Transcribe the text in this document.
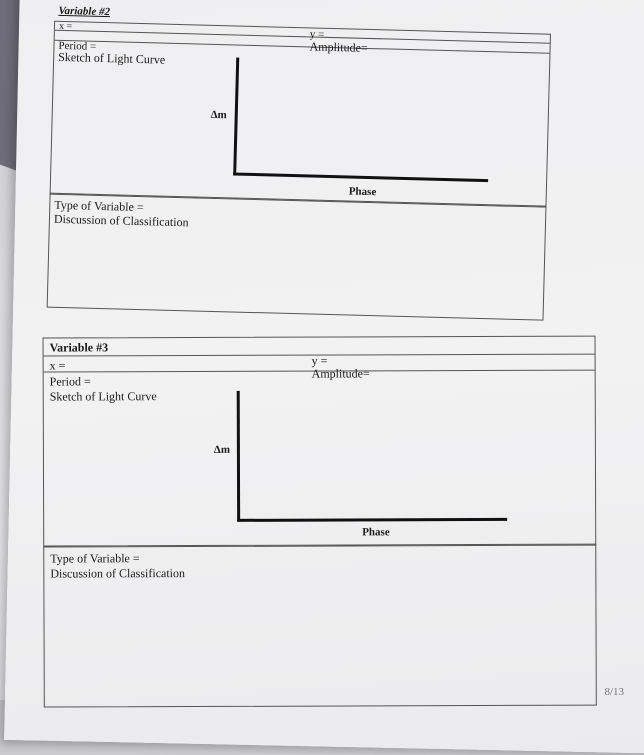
Variable #2
x =
y =
Period =	Amplitude=
Sketch of Light Curve
Δm
Phase
Type of Variable =
Discussion of Classification
Variable #3
x =	y =
Period =
Amplitude=
Sketch of Light Curve
Δm
Phase
Type of Variable =
Discussion of Classification
8/13
